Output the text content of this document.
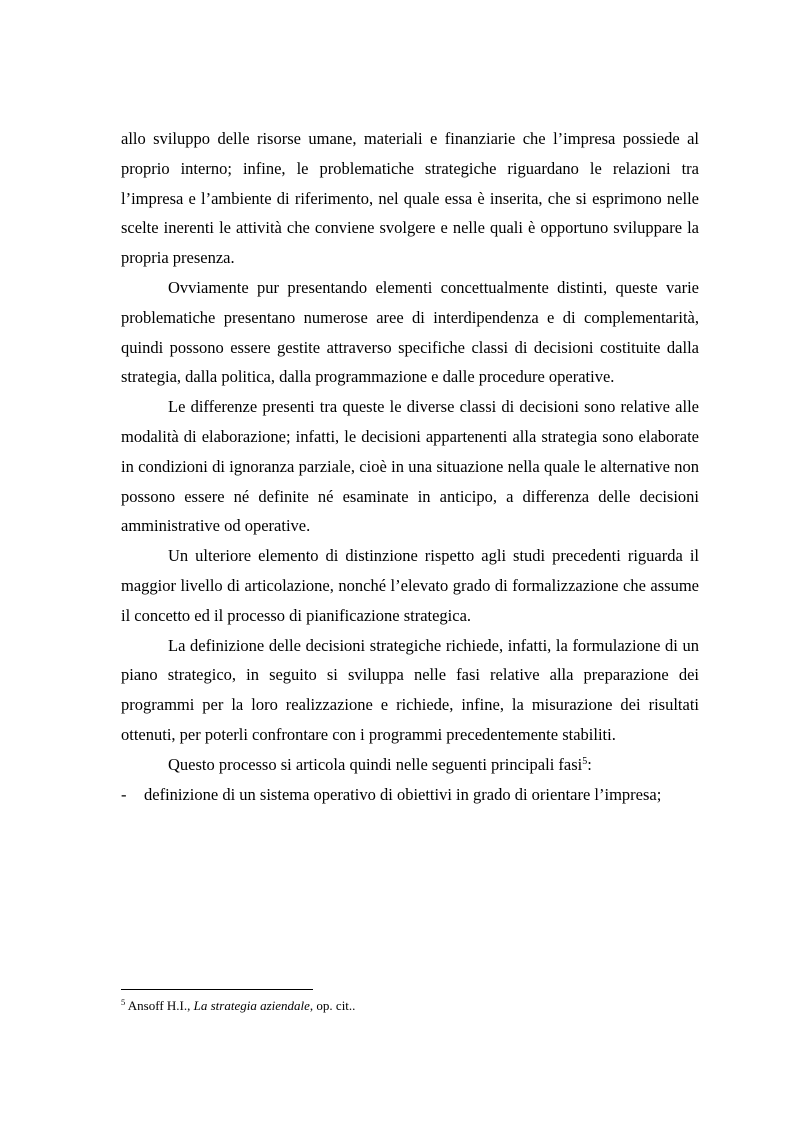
allo sviluppo delle risorse umane, materiali e finanziarie che l’impresa possiede al proprio interno; infine, le problematiche strategiche riguardano le relazioni tra l’impresa e l’ambiente di riferimento, nel quale essa è inserita, che si esprimono nelle scelte inerenti le attività che conviene svolgere e nelle quali è opportuno sviluppare la propria presenza.

Ovviamente pur presentando elementi concettualmente distinti, queste varie problematiche presentano numerose aree di interdipendenza e di complementarità, quindi possono essere gestite attraverso specifiche classi di decisioni costituite dalla strategia, dalla politica, dalla programmazione e dalle procedure operative.

Le differenze presenti tra queste le diverse classi di decisioni sono relative alle modalità di elaborazione; infatti, le decisioni appartenenti alla strategia sono elaborate in condizioni di ignoranza parziale, cioè in una situazione nella quale le alternative non possono essere né definite né esaminate in anticipo, a differenza delle decisioni amministrative od operative.

Un ulteriore elemento di distinzione rispetto agli studi precedenti riguarda il maggior livello di articolazione, nonché l’elevato grado di formalizzazione che assume il concetto ed il processo di pianificazione strategica.

La definizione delle decisioni strategiche richiede, infatti, la formulazione di un piano strategico, in seguito si sviluppa nelle fasi relative alla preparazione dei programmi per la loro realizzazione e richiede, infine, la misurazione dei risultati ottenuti, per poterli confrontare con i programmi precedentemente stabiliti.

Questo processo si articola quindi nelle seguenti principali fasi$^5$:

- definizione di un sistema operativo di obiettivi in grado di orientare l’impresa;
$^5$ Ansoff H.I., La strategia aziendale, op. cit..
